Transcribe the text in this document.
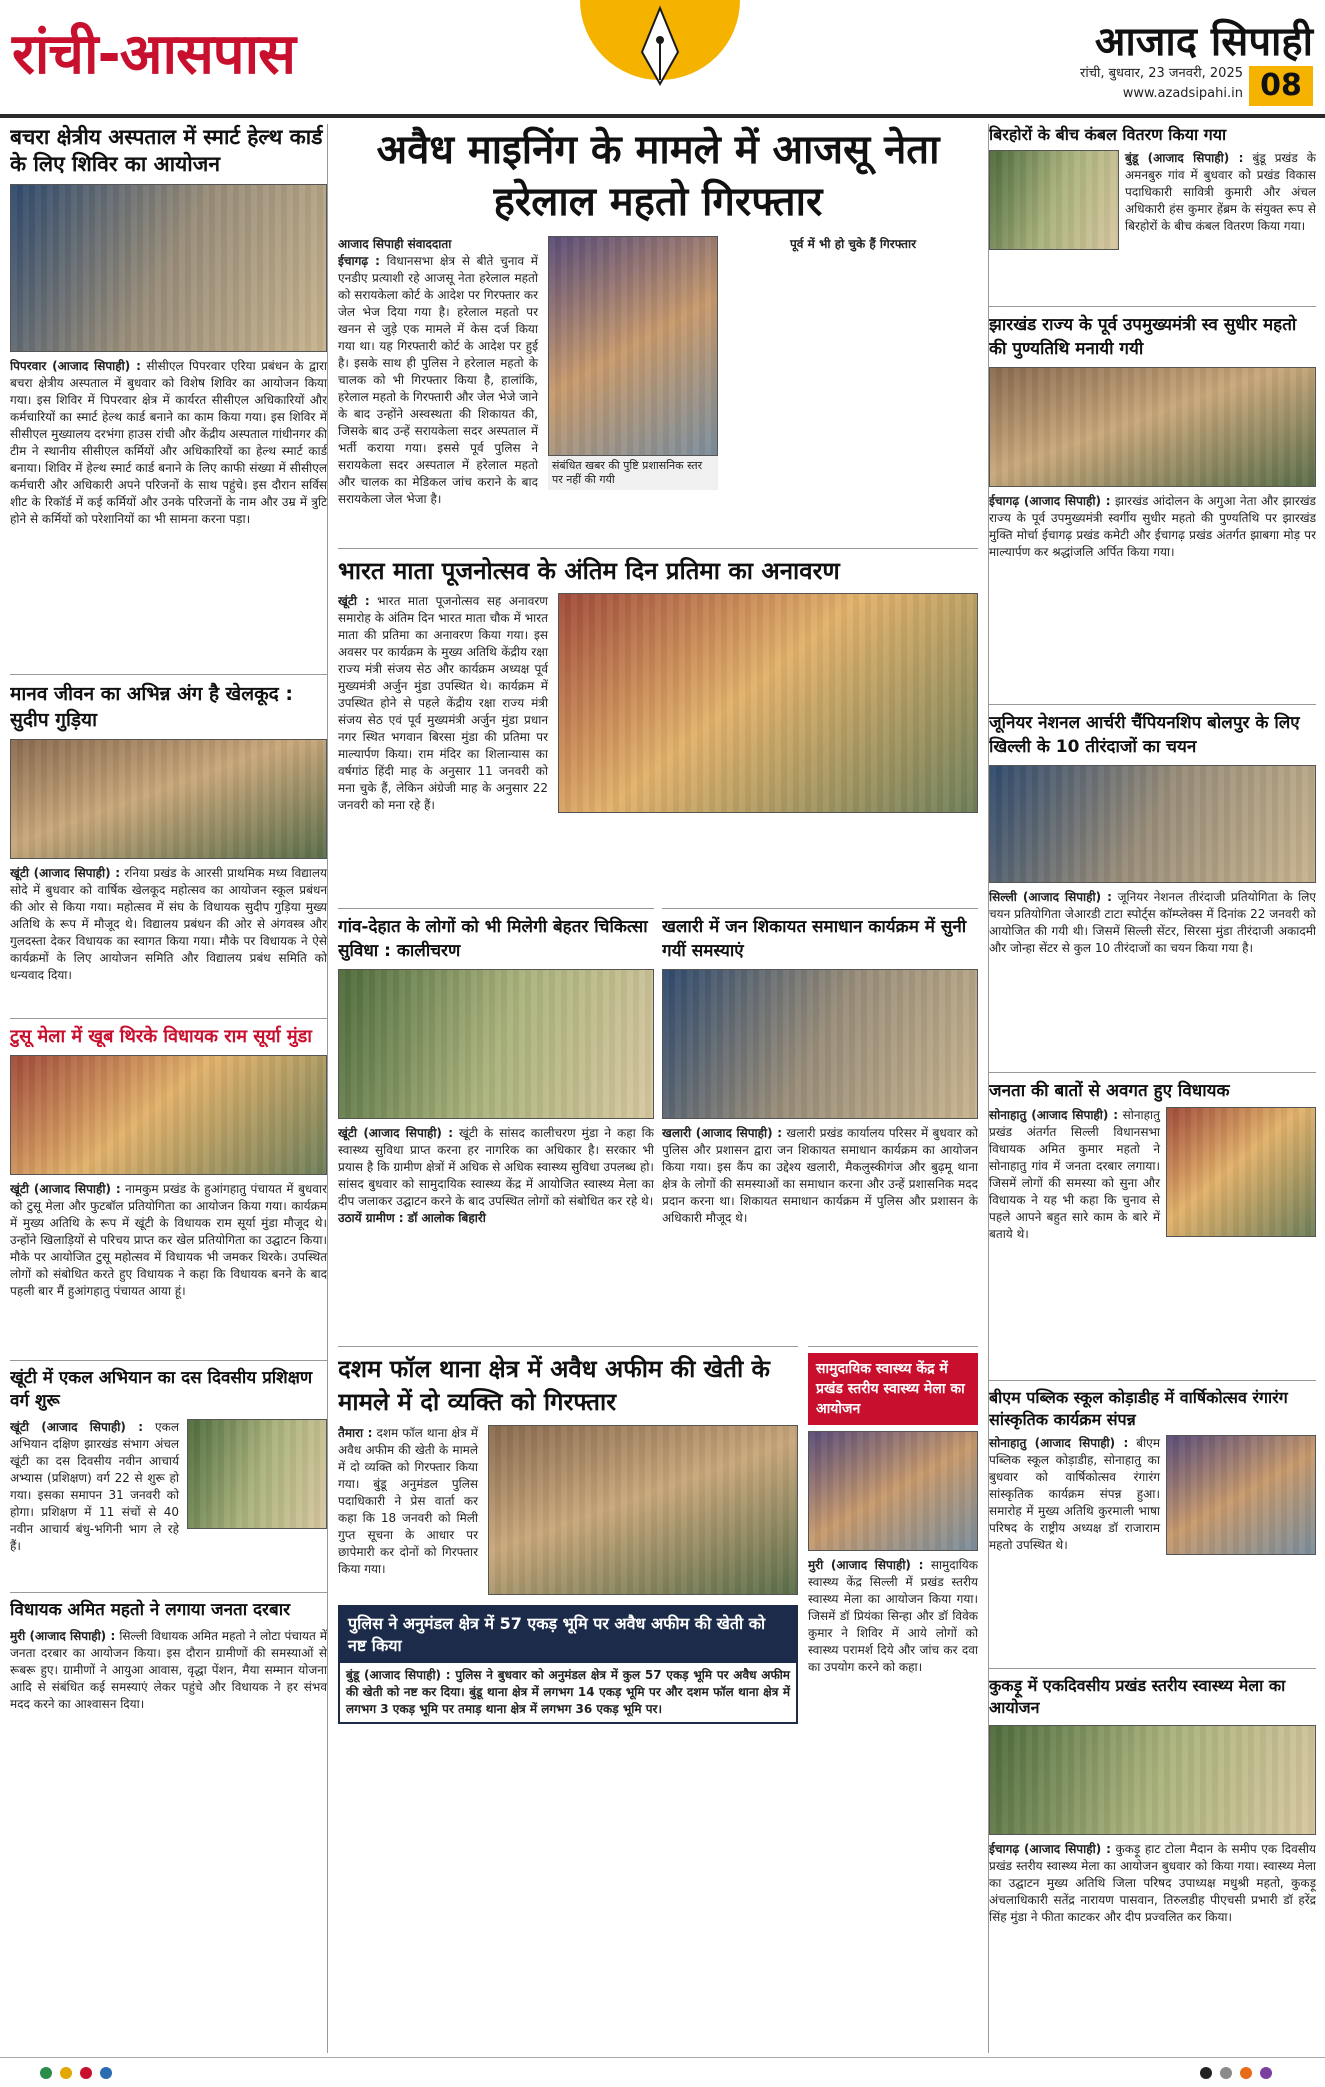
रांची-आसपास	आजाद सिपाही
रांची, बुधवार, 23 जनवरी, 2025
www.azadsipahi.in 08
बचरा क्षेत्रीय अस्पताल में स्मार्ट हेल्थ कार्ड के लिए शिविर का आयोजन

पिपरवार (आजाद सिपाही) : सीसीएल पिपरवार एरिया प्रबंधन के द्वारा बचरा क्षेत्रीय अस्पताल में बुधवार को विशेष शिविर का आयोजन किया गया। इस शिविर में पिपरवार क्षेत्र में कार्यरत सीसीएल अधिकारियों और कर्मचारियों का स्मार्ट हेल्थ कार्ड बनाने का काम किया गया। इस शिविर में सीसीएल मुख्यालय दरभंगा हाउस रांची और केंद्रीय अस्पताल गांधीनगर की टीम ने स्थानीय सीसीएल कर्मियों और अधिकारियों का हेल्थ स्मार्ट कार्ड बनाया। शिविर में हेल्थ स्मार्ट कार्ड बनाने के लिए काफी संख्या में सीसीएल कर्मचारी और अधिकारी अपने परिजनों के साथ पहुंचे। इस दौरान सर्विस शीट के रिकॉर्ड में कई कर्मियों और उनके परिजनों के नाम और उम्र में त्रुटि होने से कर्मियों को परेशानियों का भी सामना करना पड़ा।

मानव जीवन का अभिन्न अंग है खेलकूद : सुदीप गुड़िया

खूंटी (आजाद सिपाही) : रनिया प्रखंड के आरसी प्राथमिक मध्य विद्यालय सोदे में बुधवार को वार्षिक खेलकूद महोत्सव का आयोजन स्कूल प्रबंधन की ओर से किया गया। महोत्सव में संघ के विधायक सुदीप गुड़िया मुख्य अतिथि के रूप में मौजूद थे। विद्यालय प्रबंधन की ओर से अंगवस्त्र और गुलदस्ता देकर विधायक का स्वागत किया गया। मौके पर विधायक ने ऐसे कार्यक्रमों के लिए आयोजन समिति और विद्यालय प्रबंध समिति को धन्यवाद दिया।

टुसू मेला में खूब थिरके विधायक राम सूर्या मुंडा

खूंटी (आजाद सिपाही) : नामकुम प्रखंड के हुआंगहातु पंचायत में बुधवार को टुसू मेला और फुटबॉल प्रतियोगिता का आयोजन किया गया। कार्यक्रम में मुख्य अतिथि के रूप में खूंटी के विधायक राम सूर्या मुंडा मौजूद थे। उन्होंने खिलाड़ियों से परिचय प्राप्त कर खेल प्रतियोगिता का उद्घाटन किया। मौके पर आयोजित टुसू महोत्सव में विधायक भी जमकर थिरके। उपस्थित लोगों को संबोधित करते हुए विधायक ने कहा कि विधायक बनने के बाद पहली बार मैं हुआंगहातु पंचायत आया हूं।

खूंटी में एकल अभियान का दस दिवसीय प्रशिक्षण वर्ग शुरू

खूंटी (आजाद सिपाही) : एकल अभियान दक्षिण झारखंड संभाग अंचल खूंटी का दस दिवसीय नवीन आचार्य अभ्यास (प्रशिक्षण) वर्ग 22 से शुरू हो गया। इसका समापन 31 जनवरी को होगा। प्रशिक्षण में 11 संचों से 40 नवीन आचार्य बंधु-भगिनी भाग ले रहे हैं।

विधायक अमित महतो ने लगाया जनता दरबार

मुरी (आजाद सिपाही) : सिल्ली विधायक अमित महतो ने लोटा पंचायत में जनता दरबार का आयोजन किया। इस दौरान ग्रामीणों की समस्याओं से रूबरू हुए। ग्रामीणों ने आयुआ आवास, वृद्धा पेंशन, मैया सम्मान योजना आदि से संबंधित कई समस्याएं लेकर पहुंचे और विधायक ने हर संभव मदद करने का आश्वासन दिया।

अवैध माइनिंग के मामले में आजसू नेता हरेलाल महतो गिरफ्तार

आजाद सिपाही संवाददाता

ईचागढ़ : विधानसभा क्षेत्र से बीते चुनाव में एनडीए प्रत्याशी रहे आजसू नेता हरेलाल महतो को सरायकेला कोर्ट के आदेश पर गिरफ्तार कर जेल भेज दिया गया है। हरेलाल महतो पर खनन से जुड़े एक मामले में केस दर्ज किया गया था। यह गिरफ्तारी कोर्ट के आदेश पर हुई है। इसके साथ ही पुलिस ने हरेलाल महतो के चालक को भी गिरफ्तार किया है, हालांकि, हरेलाल महतो के गिरफ्तारी और जेल भेजे जाने के बाद उन्होंने अस्वस्थता की शिकायत की, जिसके बाद उन्हें सरायकेला सदर अस्पताल में भर्ती कराया गया। इससे पूर्व पुलिस ने सरायकेला सदर अस्पताल में हरेलाल महतो और चालक का मेडिकल जांच कराने के बाद सरायकेला जेल भेजा है।

संबंधित खबर की पुष्टि प्रशासनिक स्तर पर नहीं की गयी

पूर्व में भी हो चुके हैं गिरफ्तार

भारत माता पूजनोत्सव के अंतिम दिन प्रतिमा का अनावरण

खूंटी : भारत माता पूजनोत्सव सह अनावरण समारोह के अंतिम दिन भारत माता चौक में भारत माता की प्रतिमा का अनावरण किया गया। इस अवसर पर कार्यक्रम के मुख्य अतिथि केंद्रीय रक्षा राज्य मंत्री संजय सेठ और कार्यक्रम अध्यक्ष पूर्व मुख्यमंत्री अर्जुन मुंडा उपस्थित थे। कार्यक्रम में उपस्थित होने से पहले केंद्रीय रक्षा राज्य मंत्री संजय सेठ एवं पूर्व मुख्यमंत्री अर्जुन मुंडा प्रधान नगर स्थित भगवान बिरसा मुंडा की प्रतिमा पर माल्यार्पण किया। राम मंदिर का शिलान्यास का वर्षगांठ हिंदी माह के अनुसार 11 जनवरी को मना चुके हैं, लेकिन अंग्रेजी माह के अनुसार 22 जनवरी को मना रहे हैं।

गांव-देहात के लोगों को भी मिलेगी बेहतर चिकित्सा सुविधा : कालीचरण

खूंटी (आजाद सिपाही) : खूंटी के सांसद कालीचरण मुंडा ने कहा कि स्वास्थ्य सुविधा प्राप्त करना हर नागरिक का अधिकार है। सरकार भी प्रयास है कि ग्रामीण क्षेत्रों में अधिक से अधिक स्वास्थ्य सुविधा उपलब्ध हो। सांसद बुधवार को सामुदायिक स्वास्थ्य केंद्र में आयोजित स्वास्थ्य मेला का दीप जलाकर उद्घाटन करने के बाद उपस्थित लोगों को संबोधित कर रहे थे।

उठायें ग्रामीण : डॉ आलोक बिहारी

खलारी में जन शिकायत समाधान कार्यक्रम में सुनी गयीं समस्याएं

खलारी (आजाद सिपाही) : खलारी प्रखंड कार्यालय परिसर में बुधवार को पुलिस और प्रशासन द्वारा जन शिकायत समाधान कार्यक्रम का आयोजन किया गया। इस कैंप का उद्देश्य खलारी, मैकलुस्कीगंज और बुढ़मू थाना क्षेत्र के लोगों की समस्याओं का समाधान करना और उन्हें प्रशासनिक मदद प्रदान करना था। शिकायत समाधान कार्यक्रम में पुलिस और प्रशासन के अधिकारी मौजूद थे।

दशम फॉल थाना क्षेत्र में अवैध अफीम की खेती के मामले में दो व्यक्ति को गिरफ्तार

तैमारा : दशम फॉल थाना क्षेत्र में अवैध अफीम की खेती के मामले में दो व्यक्ति को गिरफ्तार किया गया। बुंडू अनुमंडल पुलिस पदाधिकारी ने प्रेस वार्ता कर कहा कि 18 जनवरी को मिली गुप्त सूचना के आधार पर छापेमारी कर दोनों को गिरफ्तार किया गया।

पुलिस ने अनुमंडल क्षेत्र में 57 एकड़ भूमि पर अवैध अफीम की खेती को नष्ट किया

बुंडू (आजाद सिपाही) : पुलिस ने बुधवार को अनुमंडल क्षेत्र में कुल 57 एकड़ भूमि पर अवैध अफीम की खेती को नष्ट कर दिया। बुंडू थाना क्षेत्र में लगभग 14 एकड़ भूमि पर और दशम फॉल थाना क्षेत्र में लगभग 3 एकड़ भूमि पर तमाड़ थाना क्षेत्र में लगभग 36 एकड़ भूमि पर।

सामुदायिक स्वास्थ्य केंद्र में प्रखंड स्तरीय स्वास्थ्य मेला का आयोजन

मुरी (आजाद सिपाही) : सामुदायिक स्वास्थ्य केंद्र सिल्ली में प्रखंड स्तरीय स्वास्थ्य मेला का आयोजन किया गया। जिसमें डॉ प्रियंका सिन्हा और डॉ विवेक कुमार ने शिविर में आये लोगों को स्वास्थ्य परामर्श दिये और जांच कर दवा का उपयोग करने को कहा।

बिरहोरों के बीच कंबल वितरण किया गया

बुंडू (आजाद सिपाही) : बुंडू प्रखंड के अमनबुरु गांव में बुधवार को प्रखंड विकास पदाधिकारी सावित्री कुमारी और अंचल अधिकारी हंस कुमार हेंब्रम के संयुक्त रूप से बिरहोरों के बीच कंबल वितरण किया गया।

झारखंड राज्य के पूर्व उपमुख्यमंत्री स्व सुधीर महतो की पुण्यतिथि मनायी गयी

ईचागढ़ (आजाद सिपाही) : झारखंड आंदोलन के अगुआ नेता और झारखंड राज्य के पूर्व उपमुख्यमंत्री स्वर्गीय सुधीर महतो की पुण्यतिथि पर झारखंड मुक्ति मोर्चा ईचागढ़ प्रखंड कमेटी और ईचागढ़ प्रखंड अंतर्गत झाबगा मोड़ पर माल्यार्पण कर श्रद्धांजलि अर्पित किया गया।

जूनियर नेशनल आर्चरी चैंपियनशिप बोलपुर के लिए खिल्ली के 10 तीरंदाजों का चयन

सिल्ली (आजाद सिपाही) : जूनियर नेशनल तीरंदाजी प्रतियोगिता के लिए चयन प्रतियोगिता जेआरडी टाटा स्पोर्ट्स कॉम्प्लेक्स में दिनांक 22 जनवरी को आयोजित की गयी थी। जिसमें सिल्ली सेंटर, सिरसा मुंडा तीरंदाजी अकादमी और जोन्हा सेंटर से कुल 10 तीरंदाजों का चयन किया गया है।

जनता की बातों से अवगत हुए विधायक

सोनाहातु (आजाद सिपाही) : सोनाहातु प्रखंड अंतर्गत सिल्ली विधानसभा विधायक अमित कुमार महतो ने सोनाहातु गांव में जनता दरबार लगाया। जिसमें लोगों की समस्या को सुना और विधायक ने यह भी कहा कि चुनाव से पहले आपने बहुत सारे काम के बारे में बताये थे।

बीएम पब्लिक स्कूल कोड़ाडीह में वार्षिकोत्सव रंगारंग सांस्कृतिक कार्यक्रम संपन्न

सोनाहातु (आजाद सिपाही) : बीएम पब्लिक स्कूल कोड़ाडीह, सोनाहातु का बुधवार को वार्षिकोत्सव रंगारंग सांस्कृतिक कार्यक्रम संपन्न हुआ। समारोह में मुख्य अतिथि कुरमाली भाषा परिषद के राष्ट्रीय अध्यक्ष डॉ राजाराम महतो उपस्थित थे।

कुकड़ू में एकदिवसीय प्रखंड स्तरीय स्वास्थ्य मेला का आयोजन

ईचागढ़ (आजाद सिपाही) : कुकड़ू हाट टोला मैदान के समीप एक दिवसीय प्रखंड स्तरीय स्वास्थ्य मेला का आयोजन बुधवार को किया गया। स्वास्थ्य मेला का उद्घाटन मुख्य अतिथि जिला परिषद उपाध्यक्ष मधुश्री महतो, कुकड़ू अंचलाधिकारी सतेंद्र नारायण पासवान, तिरुलडीह पीएचसी प्रभारी डॉ हरेंद्र सिंह मुंडा ने फीता काटकर और दीप प्रज्वलित कर किया।
